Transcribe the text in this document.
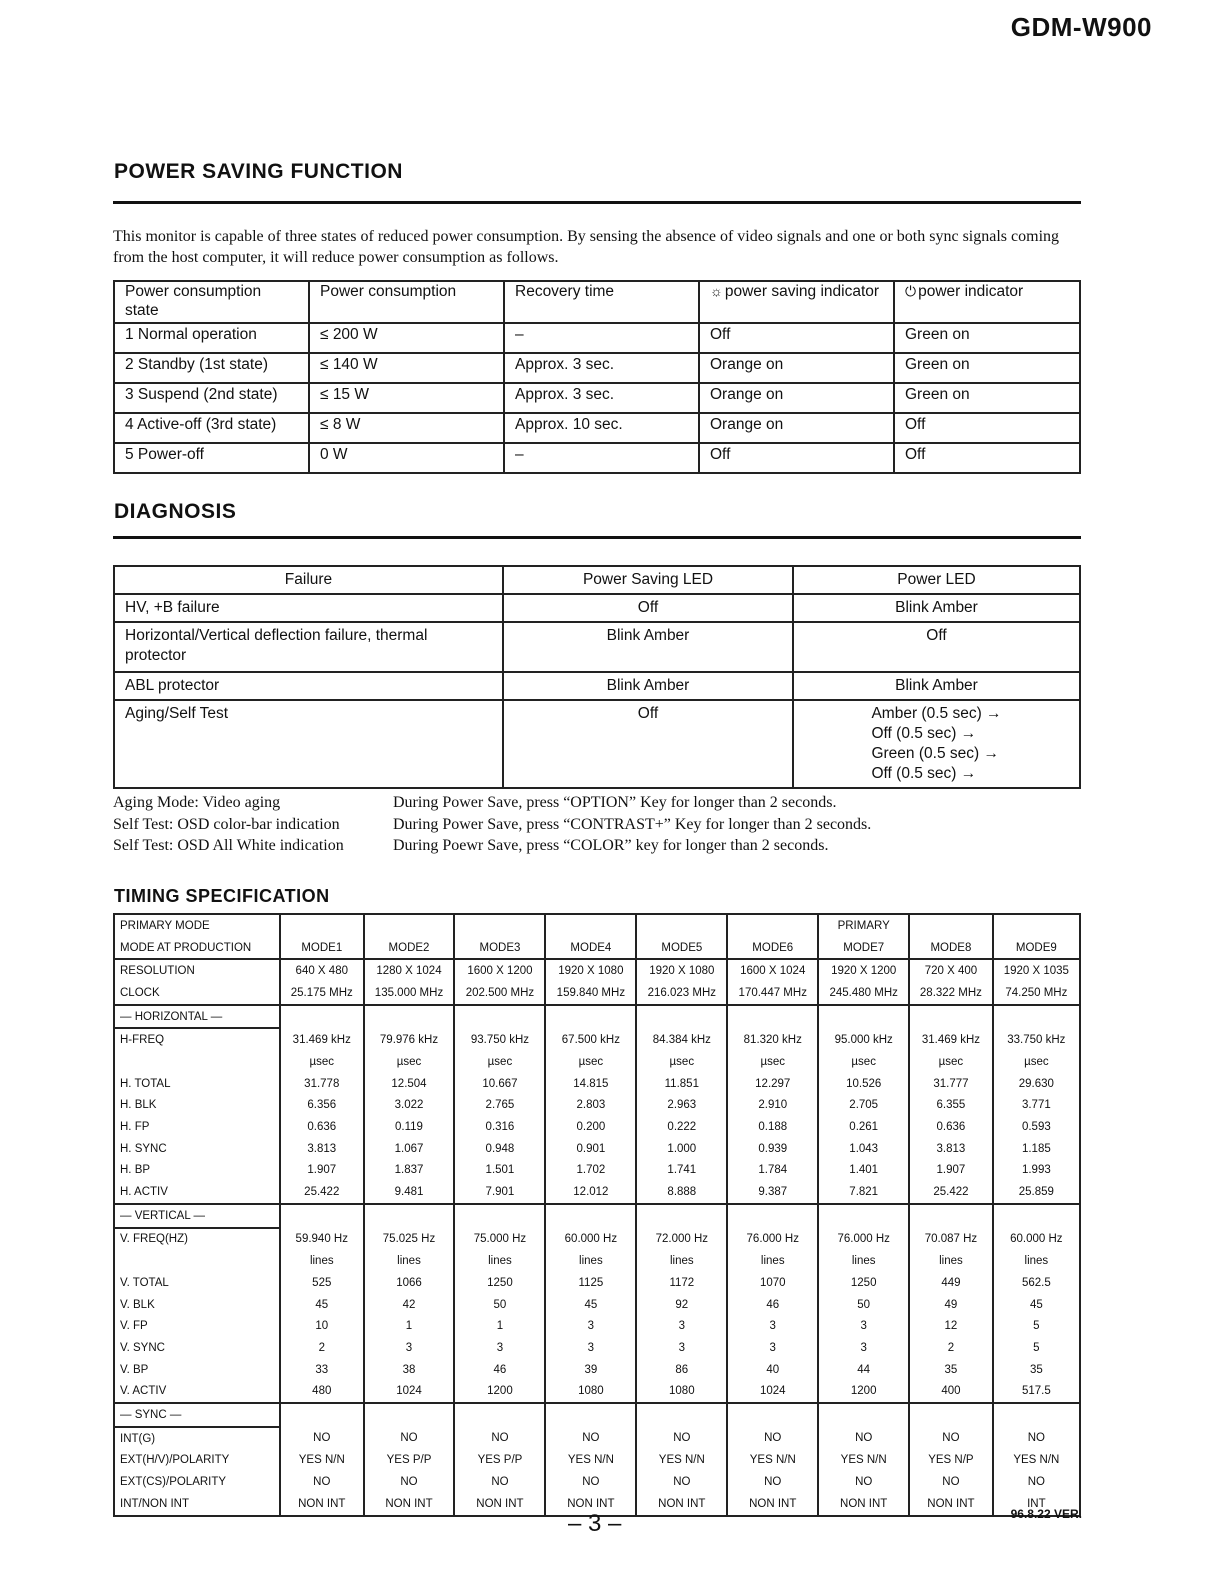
GDM-W900
POWER SAVING FUNCTION
This monitor is capable of three states of reduced power consumption. By sensing the absence of video signals and one or both sync signals coming from the host computer, it will reduce power consumption as follows.
Power consumption state	Power consumption	Recovery time	☼ power saving indicator	⏻ power indicator
1 Normal operation	≤ 200 W	–	Off	Green on
2 Standby (1st state)	≤ 140 W	Approx. 3 sec.	Orange on	Green on
3 Suspend (2nd state)	≤ 15 W	Approx. 3 sec.	Orange on	Green on
4 Active-off (3rd state)	≤ 8 W	Approx. 10 sec.	Orange on	Off
5 Power-off	0 W	–	Off	Off
DIAGNOSIS
Failure	Power Saving LED	Power LED
HV, +B failure	Off	Blink Amber
Horizontal/Vertical deflection failure, thermal protector	Blink Amber	Off
ABL protector	Blink Amber	Blink Amber
Aging/Self Test	Off	Amber (0.5 sec) →
Off (0.5 sec) →
Green (0.5 sec) →
Off (0.5 sec) →
Aging Mode: Video aging	During Power Save, press “OPTION” Key for longer than 2 seconds.
Self Test: OSD color-bar indication	During Power Save, press “CONTRAST+” Key for longer than 2 seconds.
Self Test: OSD All White indication	During Poewr Save, press “COLOR” key for longer than 2 seconds.
TIMING SPECIFICATION
PRIMARY MODE							PRIMARY		
MODE AT PRODUCTION	MODE1	MODE2	MODE3	MODE4	MODE5	MODE6	MODE7	MODE8	MODE9
RESOLUTION	640 X 480	1280 X 1024	1600 X 1200	1920 X 1080	1920 X 1080	1600 X 1024	1920 X 1200	720 X 400	1920 X 1035
CLOCK	25.175 MHz	135.000 MHz	202.500 MHz	159.840 MHz	216.023 MHz	170.447 MHz	245.480 MHz	28.322 MHz	74.250 MHz
— HORIZONTAL —									
H-FREQ	31.469 kHz	79.976 kHz	93.750 kHz	67.500 kHz	84.384 kHz	81.320 kHz	95.000 kHz	31.469 kHz	33.750 kHz
	µsec	µsec	µsec	µsec	µsec	µsec	µsec	µsec	µsec
H. TOTAL	31.778	12.504	10.667	14.815	11.851	12.297	10.526	31.777	29.630
H. BLK	6.356	3.022	2.765	2.803	2.963	2.910	2.705	6.355	3.771
H. FP	0.636	0.119	0.316	0.200	0.222	0.188	0.261	0.636	0.593
H. SYNC	3.813	1.067	0.948	0.901	1.000	0.939	1.043	3.813	1.185
H. BP	1.907	1.837	1.501	1.702	1.741	1.784	1.401	1.907	1.993
H. ACTIV	25.422	9.481	7.901	12.012	8.888	9.387	7.821	25.422	25.859
— VERTICAL —									
V. FREQ(HZ)	59.940 Hz	75.025 Hz	75.000 Hz	60.000 Hz	72.000 Hz	76.000 Hz	76.000 Hz	70.087 Hz	60.000 Hz
	lines	lines	lines	lines	lines	lines	lines	lines	lines
V. TOTAL	525	1066	1250	1125	1172	1070	1250	449	562.5
V. BLK	45	42	50	45	92	46	50	49	45
V. FP	10	1	1	3	3	3	3	12	5
V. SYNC	2	3	3	3	3	3	3	2	5
V. BP	33	38	46	39	86	40	44	35	35
V. ACTIV	480	1024	1200	1080	1080	1024	1200	400	517.5
— SYNC —									
INT(G)	NO	NO	NO	NO	NO	NO	NO	NO	NO
EXT(H/V)/POLARITY	YES N/N	YES P/P	YES P/P	YES N/N	YES N/N	YES N/N	YES N/N	YES N/P	YES N/N
EXT(CS)/POLARITY	NO	NO	NO	NO	NO	NO	NO	NO	NO
INT/NON INT	NON INT	NON INT	NON INT	NON INT	NON INT	NON INT	NON INT	NON INT	INT
– 3 –	96.8.22 VER.
